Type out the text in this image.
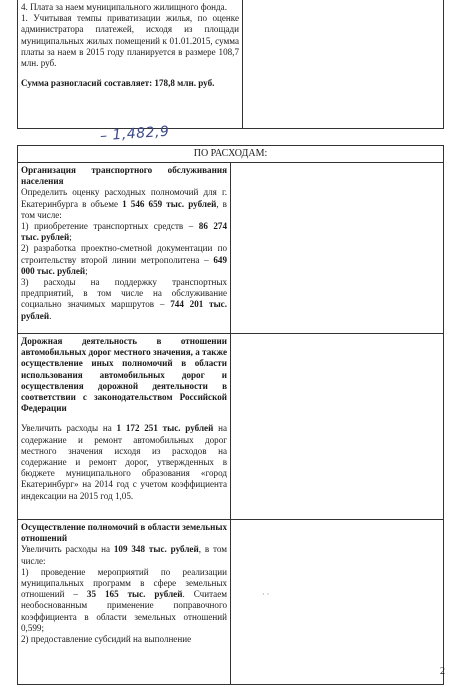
4. Плата за наем муниципального жилищного фонда.
1. Учитывая темпы приватизации жилья, по оценке администратора платежей, исходя из площади муниципальных жилых помещений к 01.01.2015, сумма платы за наем в 2015 году планируется в размере 108,7 млн. руб.
Сумма разногласий составляет: 178,8 млн. руб.

– 1,482,9
ПО РАСХОДАМ:	

Организация транспортного обслуживания населения
Определить оценку расходных полномочий для г. Екатеринбурга в объеме 1 546 659 тыс. рублей, в том числе:
1) приобретение транспортных средств – 86 274 тыс. рублей;
2) разработка проектно-сметной документации по строительству второй линии метрополитена – 649 000 тыс. рублей;
3) расходы на поддержку транспортных предприятий, в том числе на обслуживание социально значимых маршрутов – 744 201 тыс. рублей.	

Дорожная деятельность в отношении автомобильных дорог местного значения, а также осуществление иных полномочий в области использования автомобильных дорог и осуществления дорожной деятельности в соответствии с законодательством Российской Федерации
Увеличить расходы на 1 172 251 тыс. рублей на содержание и ремонт автомобильных дорог местного значения исходя из расходов на содержание и ремонт дорог, утвержденных в бюджете муниципального образования «город Екатеринбург» на 2014 год с учетом коэффициента индексации на 2015 год 1,05.	

Осуществление полномочий в области земельных отношений
Увеличить расходы на 109 348 тыс. рублей, в том числе:
1) проведение мероприятий по реализации муниципальных программ в сфере земельных отношений – 35 165 тыс. рублей. Считаем необоснованным применение поправочного коэффициента в области земельных отношений 0,599;
2) предоставление субсидий на выполнение	

· ·
2
